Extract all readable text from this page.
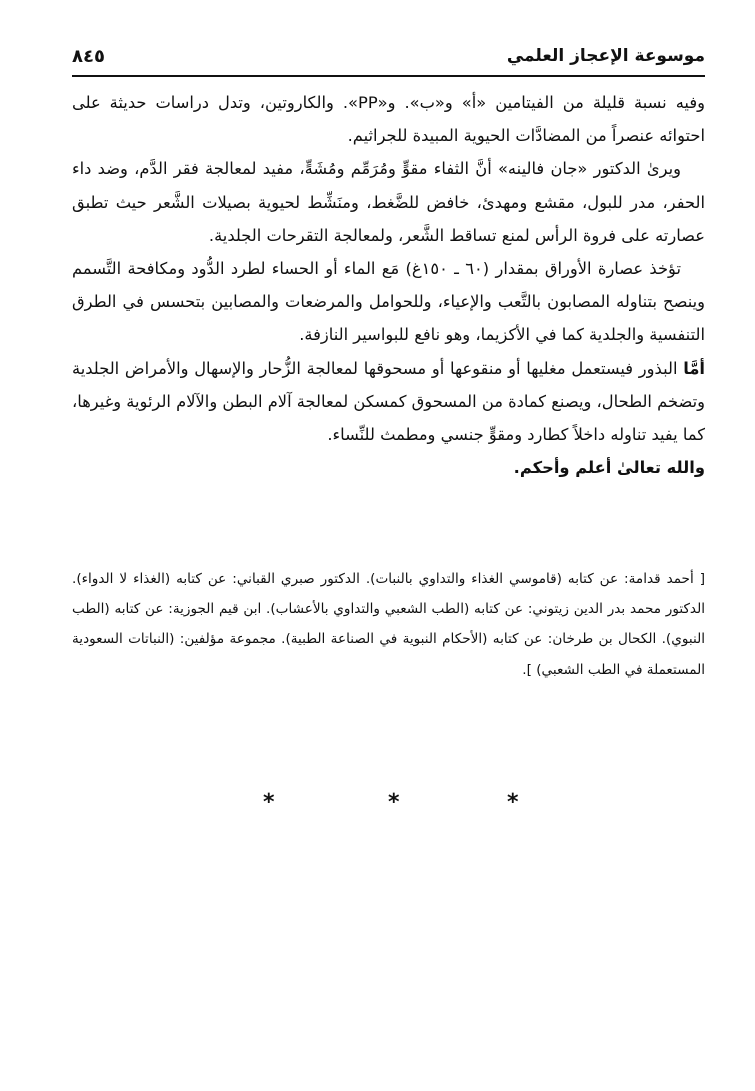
موسوعة الإعجاز العلمي
٨٤٥

وفيه نسبة قليلة من الفيتامين «أ» و«ب». و«PP». والكاروتين، وتدل دراسات حديثة على احتوائه عنصراً من المضادَّات الحيوية المبيدة للجراثيم.

ويرىٰ الدكتور «جان فالينه» أنَّ الثفاء مقوٍّ ومُرَمِّم ومُشَهٍّ، مفيد لمعالجة فقر الدَّم، وضد داء الحفر، مدر للبول، مقشع ومهدئ، خافض للضَّغط، ومنَشِّط لحيوية بصيلات الشَّعر حيث تطبق عصارته على فروة الرأس لمنع تساقط الشَّعر، ولمعالجة التقرحات الجلدية.

تؤخذ عصارة الأوراق بمقدار (٦٠ ـ ١٥٠غ) مَع الماء أو الحساء لطرد الدُّود ومكافحة التَّسمم وينصح بتناوله المصابون بالتَّعب والإعياء، وللحوامل والمرضعات والمصابين بتحسس في الطرق التنفسية والجلدية كما في الأكزيما، وهو نافع للبواسير النازفة.

أمَّا البذور فيستعمل مغليها أو منقوعها أو مسحوقها لمعالجة الزُّحار والإسهال والأمراض الجلدية وتضخم الطحال، ويصنع كمادة من المسحوق كمسكن لمعالجة آلام البطن والآلام الرئوية وغيرها، كما يفيد تناوله داخلاً كطارد ومقوٍّ جنسي ومطمث للنِّساء.

والله تعالىٰ أعلم وأحكم.

[ أحمد قدامة: عن كتابه (قاموسي الغذاء والتداوي بالنبات). الدكتور صبري القباني: عن كتابه (الغذاء لا الدواء). الدكتور محمد بدر الدين زيتوني: عن كتابه (الطب الشعبي والتداوي بالأعشاب). ابن قيم الجوزية: عن كتابه (الطب النبوي). الكحال بن طرخان: عن كتابه (الأحكام النبوية في الصناعة الطبية). مجموعة مؤلفين: (النباتات السعودية المستعملة في الطب الشعبي) ].

*	*	*
